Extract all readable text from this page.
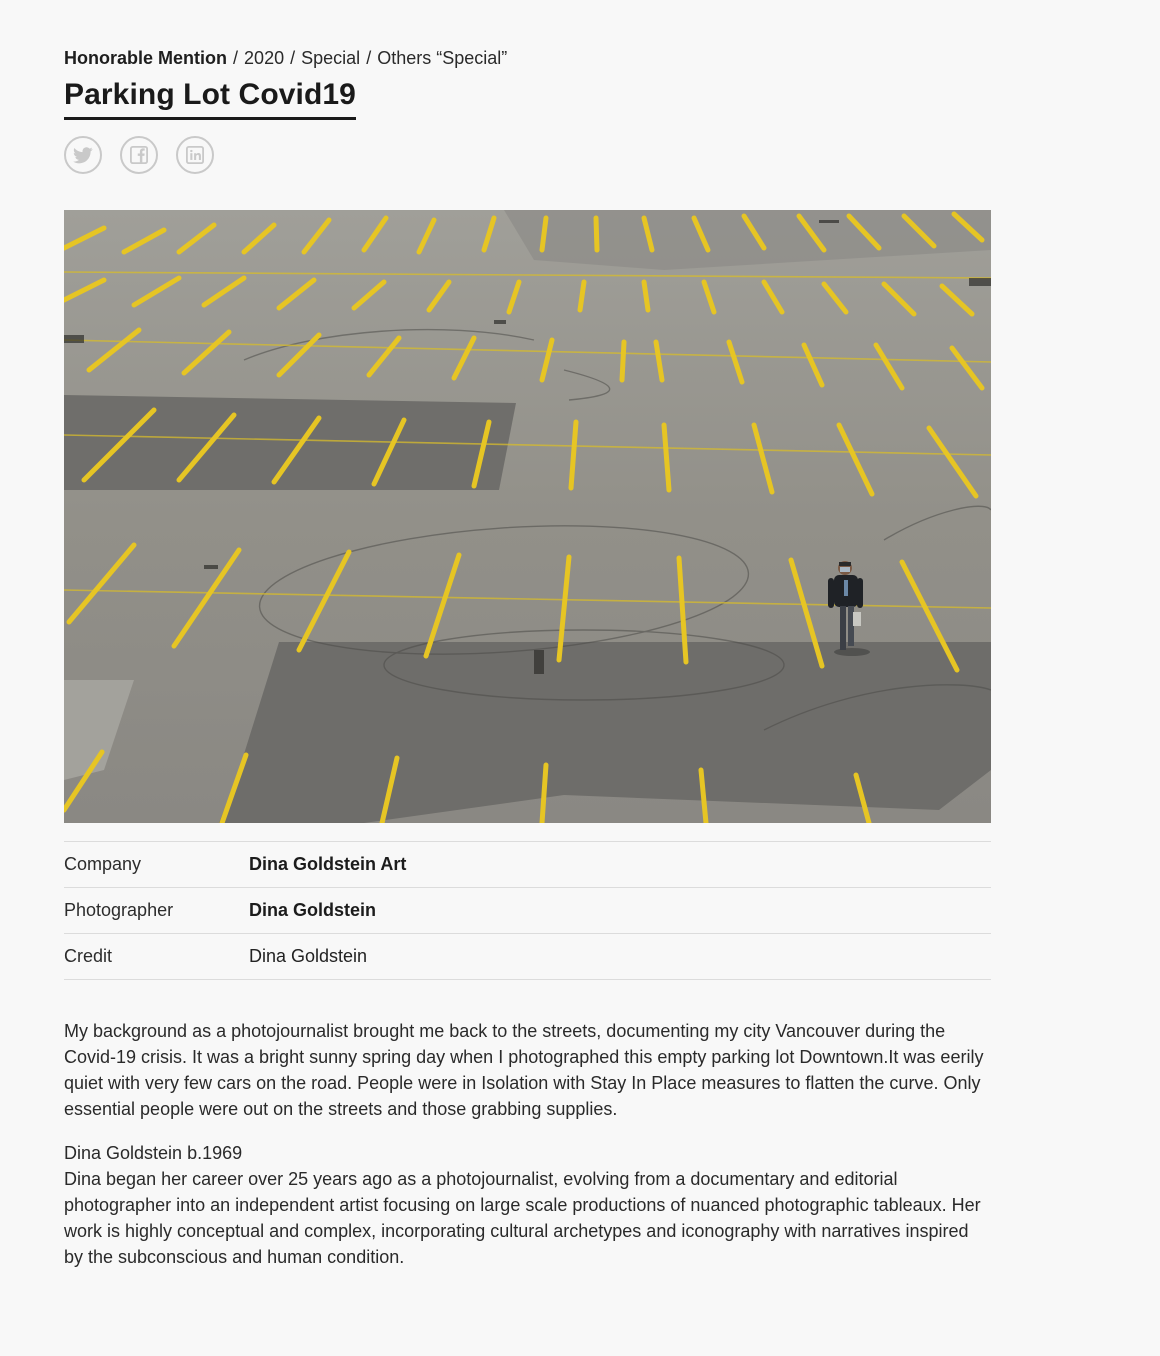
Honorable Mention / 2020 / Special / Others “Special”
Parking Lot Covid19
Company	Dina Goldstein Art
Photographer	Dina Goldstein
Credit	Dina Goldstein

My background as a photojournalist brought me back to the streets, documenting my city Vancouver during the Covid-19 crisis. It was a bright sunny spring day when I photographed this empty parking lot Downtown.It was eerily quiet with very few cars on the road. People were in Isolation with Stay In Place measures to flatten the curve. Only essential people were out on the streets and those grabbing supplies.

Dina Goldstein b.1969
Dina began her career over 25 years ago as a photojournalist, evolving from a documentary and editorial photographer into an independent artist focusing on large scale productions of nuanced photographic tableaux. Her work is highly conceptual and complex, incorporating cultural archetypes and iconography with narratives inspired by the subconscious and human condition.
